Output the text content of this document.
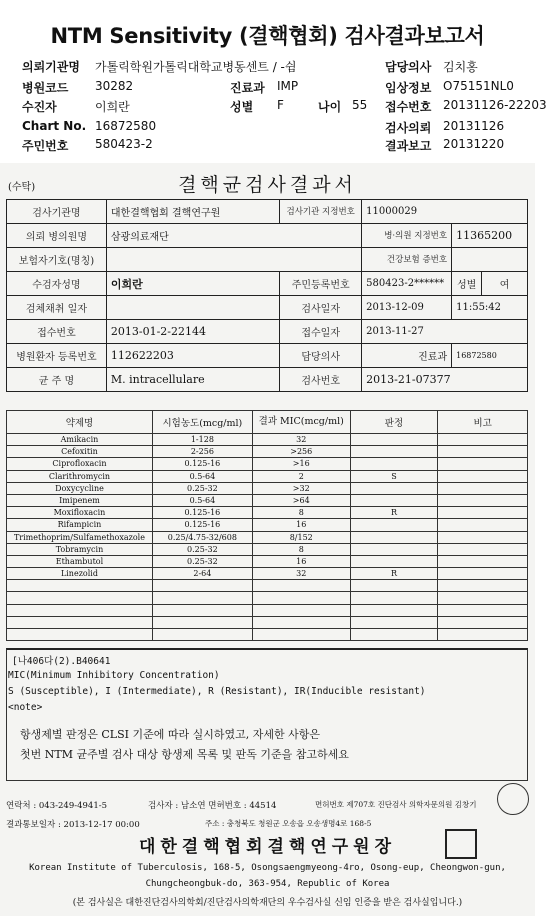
NTM Sensitivity (결핵협회) 검사결과보고서
의뢰기관명 가톨릭학원가톨릭대학교병동센트 / -쉼	담당의사 김치홍
병원코드 30282	진료과 IMP	임상정보 O75151NL0
수진자	이희란	성별 F	나이 55 접수번호 20131126-22203
Chart No. 16872580	검사의뢰 20131126
주민번호 580423-2	결과보고 20131220
(수탁)	결핵균검사결과서
검사기관명	대한결핵협회 결핵연구원	검사기관 지정번호	11000029		
의뢰 병의원명	삼광의료재단		병·의원 지정번호	11365200	
보험자기호(명칭)			건강보험 증번호		
수검자성명	이희란	주민등록번호	580423-2******	성별	여
검체채취 일자		검사일자	2013-12-09	11:55:42	
접수번호	2013-01-2-22144	접수일자	2013-11-27		
병원환자 등록번호	112622203	담당의사	진료과	16872580	
균 주 명	M. intracellulare	검사번호	2013-21-07377		
약제명	시험농도(mcg/ml)	결과 MIC(mcg/ml)	판정	비고
Amikacin	1-128	32		
Cefoxitin	2-256	>256		
Ciprofloxacin	0.125-16	>16		
Clarithromycin	0.5-64	2	S	
Doxycycline	0.25-32	>32		
Imipenem	0.5-64	>64		
Moxifloxacin	0.125-16	8	R	
Rifampicin	0.125-16	16		
Trimethoprim/Sulfamethoxazole	0.25/4.75-32/608	8/152		
Tobramycin	0.25-32	8		
Ethambutol	0.25-32	16		
Linezolid	2-64	32	R	

[나406다(2).B40641
MIC(Minimum Inhibitory Concentration)
S (Susceptible), I (Intermediate), R (Resistant), IR(Inducible resistant)
<note>
항생제별 판정은 CLSI 기준에 따라 실시하였고, 자세한 사항은
첫번 NTM 균주별 검사 대상 항생제 목록 및 판독 기준을 참고하세요
연락처 : 043-249-4941-5	검사자 : 남소연 면허번호 : 44514	면허번호 제707호 진단검사 의학자문의원 김창기
결과통보일자 : 2013-12-17 00:00	주소 : 충청북도 청원군 오송읍 오송생명4로 168-5
대한결핵협회결핵연구원장
Korean Institute of Tuberculosis, 168-5, Osongsaengmyeong-4ro, Osong-eup, Cheongwon-gun,
Chungcheongbuk-do, 363-954, Republic of Korea
(본 검사실은 대한진단검사의학회/진단검사의학재단의 우수검사실 신임 인증을 받은 검사실입니다.)
